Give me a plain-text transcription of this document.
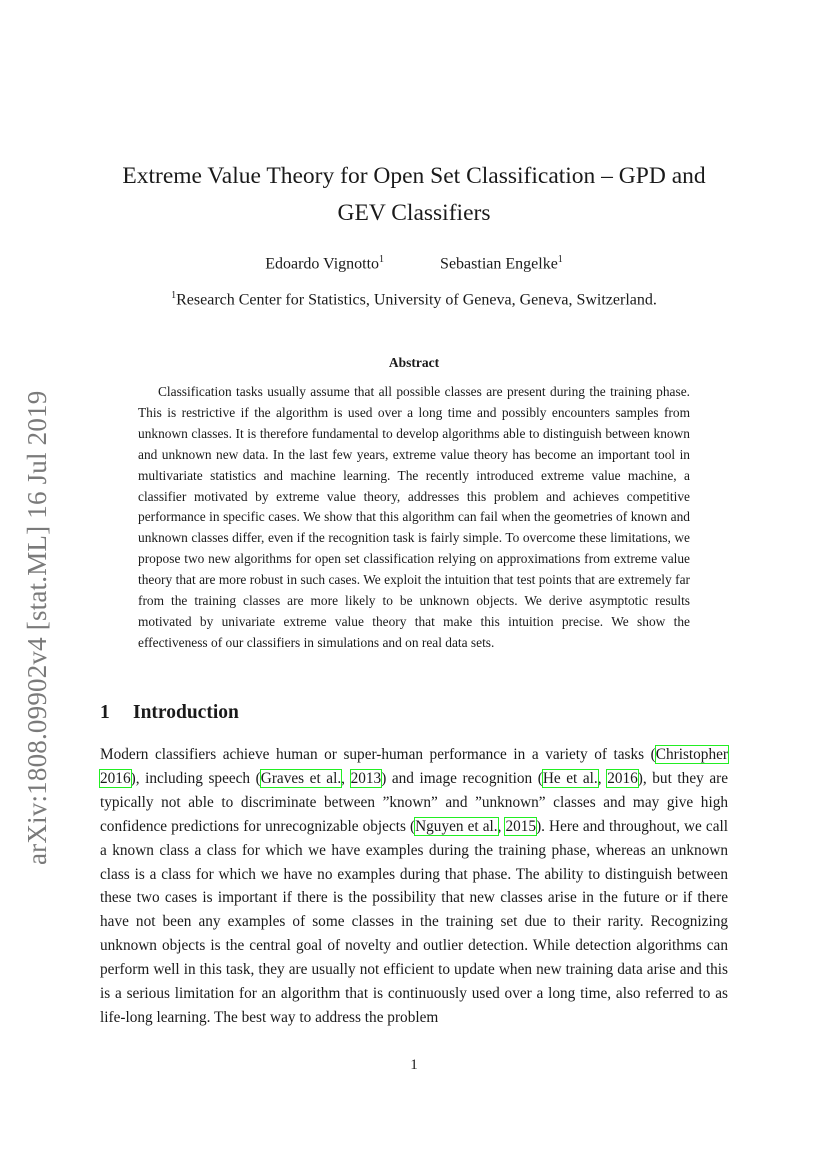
arXiv:1808.09902v4 [stat.ML] 16 Jul 2019
Extreme Value Theory for Open Set Classification – GPD and GEV Classifiers
Edoardo Vignotto$^1$	Sebastian Engelke$^1$
$^1$Research Center for Statistics, University of Geneva, Geneva, Switzerland.
Abstract

Classification tasks usually assume that all possible classes are present during the training phase. This is restrictive if the algorithm is used over a long time and possibly encounters samples from unknown classes. It is therefore fundamental to develop algorithms able to distinguish between known and unknown new data. In the last few years, extreme value theory has become an important tool in multivariate statistics and machine learning. The recently introduced extreme value machine, a classifier motivated by extreme value theory, addresses this problem and achieves competitive performance in specific cases. We show that this algorithm can fail when the geometries of known and unknown classes differ, even if the recognition task is fairly simple. To overcome these limitations, we propose two new algorithms for open set classification relying on approximations from extreme value theory that are more robust in such cases. We exploit the intuition that test points that are extremely far from the training classes are more likely to be unknown objects. We derive asymptotic results motivated by univariate extreme value theory that make this intuition precise. We show the effectiveness of our classifiers in simulations and on real data sets.

1 Introduction

Modern classifiers achieve human or super-human performance in a variety of tasks (Christopher 2016), including speech (Graves et al., 2013) and image recognition (He et al., 2016), but they are typically not able to discriminate between ”known” and ”unknown” classes and may give high confidence predictions for unrecognizable objects (Nguyen et al., 2015). Here and throughout, we call a known class a class for which we have examples during the training phase, whereas an unknown class is a class for which we have no examples during that phase. The ability to distinguish between these two cases is important if there is the possibility that new classes arise in the future or if there have not been any examples of some classes in the training set due to their rarity. Recognizing unknown objects is the central goal of novelty and outlier detection. While detection algorithms can perform well in this task, they are usually not efficient to update when new training data arise and this is a serious limitation for an algorithm that is continuously used over a long time, also referred to as life-long learning. The best way to address the problem

1
